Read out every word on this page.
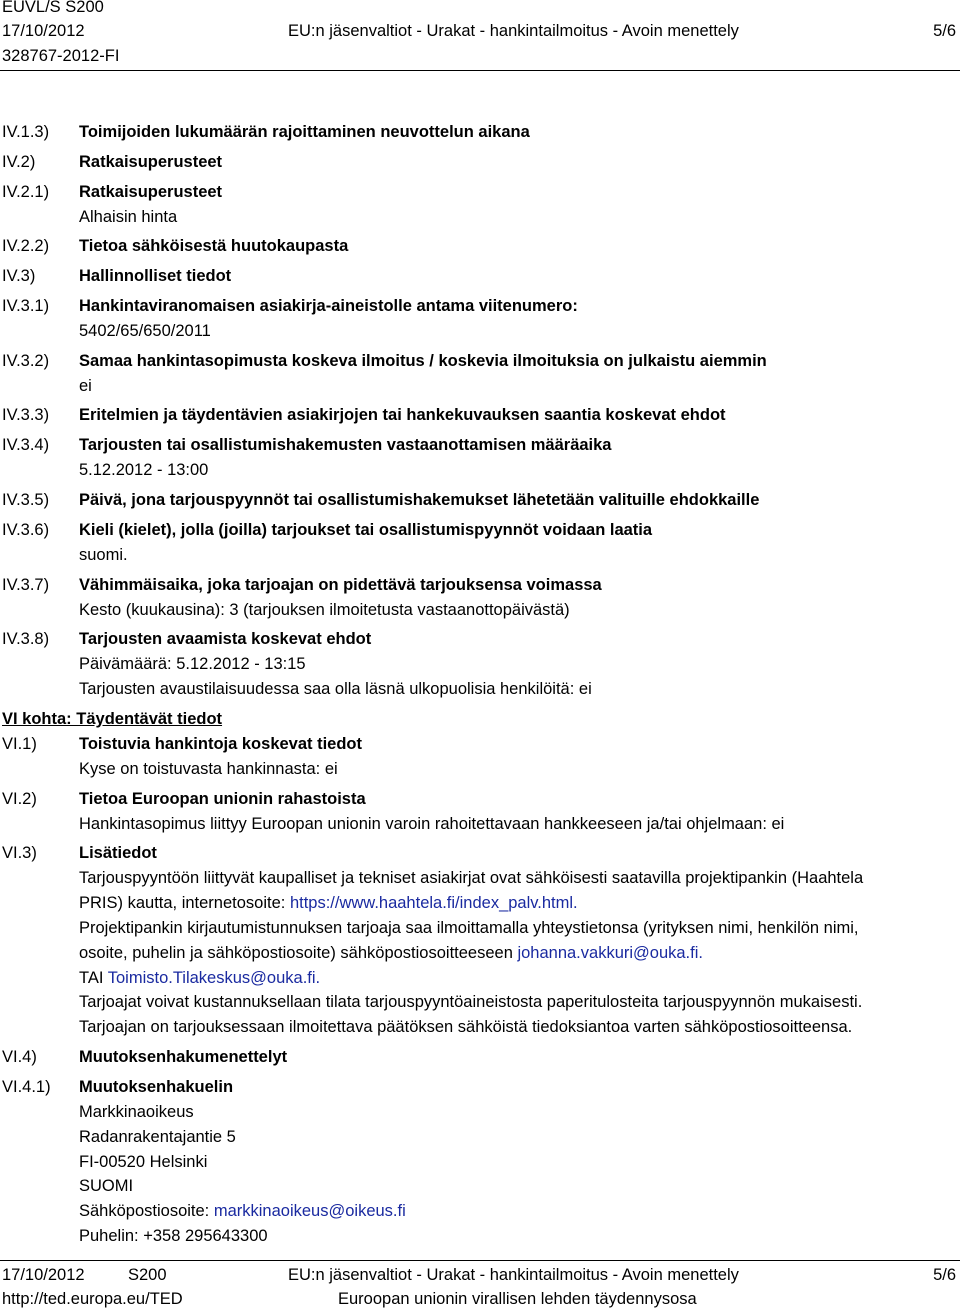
EUVL/S S200
17/10/2012	EU:n jäsenvaltiot - Urakat - hankintailmoitus - Avoin menettely	5/6
328767-2012-FI
IV.1.3) Toimijoiden lukumäärän rajoittaminen neuvottelun aikana
IV.2)	Ratkaisuperusteet
IV.2.1) Ratkaisuperusteet
Alhaisin hinta
IV.2.2) Tietoa sähköisestä huutokaupasta
IV.3)	Hallinnolliset tiedot
IV.3.1) Hankintaviranomaisen asiakirja-aineistolle antama viitenumero:
5402/65/650/2011
IV.3.2) Samaa hankintasopimusta koskeva ilmoitus / koskevia ilmoituksia on julkaistu aiemmin
ei
IV.3.3) Eritelmien ja täydentävien asiakirjojen tai hankekuvauksen saantia koskevat ehdot
IV.3.4) Tarjousten tai osallistumishakemusten vastaanottamisen määräaika
5.12.2012 - 13:00
IV.3.5) Päivä, jona tarjouspyynnöt tai osallistumishakemukset lähetetään valituille ehdokkaille
IV.3.6) Kieli (kielet), jolla (joilla) tarjoukset tai osallistumispyynnöt voidaan laatia
suomi.
IV.3.7) Vähimmäisaika, joka tarjoajan on pidettävä tarjouksensa voimassa
Kesto (kuukausina): 3 (tarjouksen ilmoitetusta vastaanottopäivästä)
IV.3.8) Tarjousten avaamista koskevat ehdot
Päivämäärä: 5.12.2012 - 13:15
Tarjousten avaustilaisuudessa saa olla läsnä ulkopuolisia henkilöitä: ei
VI kohta: Täydentävät tiedot
VI.1)	Toistuvia hankintoja koskevat tiedot
Kyse on toistuvasta hankinnasta: ei
VI.2)	Tietoa Euroopan unionin rahastoista
Hankintasopimus liittyy Euroopan unionin varoin rahoitettavaan hankkeeseen ja/tai ohjelmaan: ei
VI.3)	Lisätiedot
Tarjouspyyntöön liittyvät kaupalliset ja tekniset asiakirjat ovat sähköisesti saatavilla projektipankin (Haahtela
PRIS) kautta, internetosoite: https://www.haahtela.fi/index_palv.html.
Projektipankin kirjautumistunnuksen tarjoaja saa ilmoittamalla yhteystietonsa (yrityksen nimi, henkilön nimi,
osoite, puhelin ja sähköpostiosoite) sähköpostiosoitteeseen johanna.vakkuri@ouka.fi.
TAI Toimisto.Tilakeskus@ouka.fi.
Tarjoajat voivat kustannuksellaan tilata tarjouspyyntöaineistosta paperitulosteita tarjouspyynnön mukaisesti.
Tarjoajan on tarjouksessaan ilmoitettava päätöksen sähköistä tiedoksiantoa varten sähköpostiosoitteensa.
VI.4)	Muutoksenhakumenettelyt
VI.4.1) Muutoksenhakuelin
Markkinaoikeus
Radanrakentajantie 5
FI-00520 Helsinki
SUOMI
Sähköpostiosoite: markkinaoikeus@oikeus.fi
Puhelin: +358 295643300
17/10/2012	S200	EU:n jäsenvaltiot - Urakat - hankintailmoitus - Avoin menettely	5/6
http://ted.europa.eu/TED	Euroopan unionin virallisen lehden täydennysosa
